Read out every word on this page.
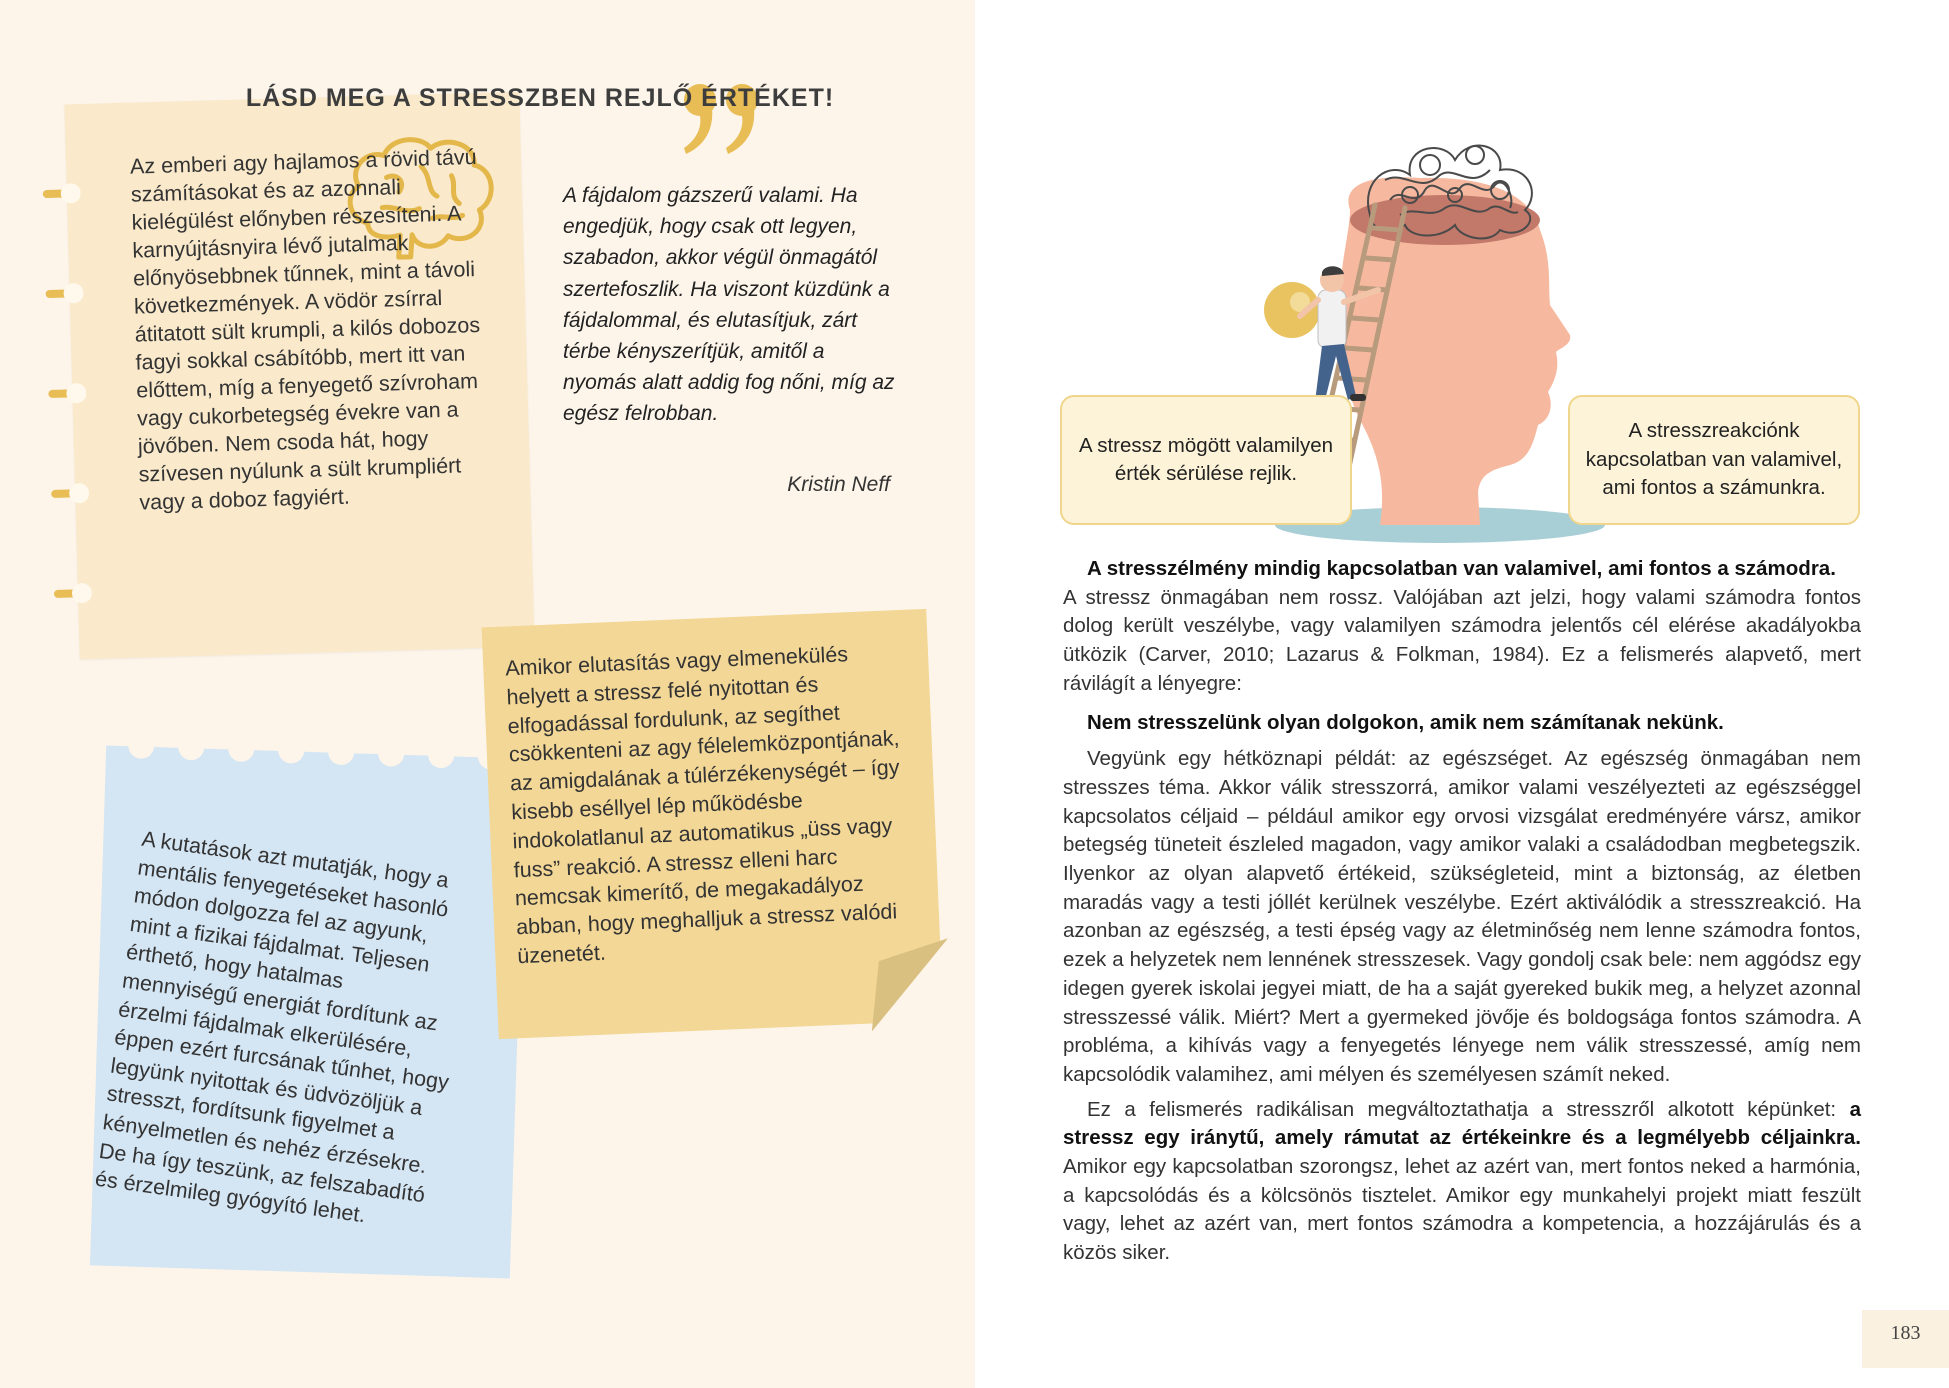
Az emberi agy hajlamos a rövid távú számításokat és az azonnali kielégülést előnyben részesíteni. A karnyújtásnyira lévő jutalmak előnyösebbnek tűnnek, mint a távoli következmények. A vödör zsírral átitatott sült krumpli, a kilós dobozos fagyi sokkal csábítóbb, mert itt van előttem, míg a fenyegető szívroham vagy cukorbetegség évekre van a jövőben. Nem csoda hát, hogy szívesen nyúlunk a sült krumpliért vagy a doboz fagyiért.

A fájdalom gázszerű valami. Ha engedjük, hogy csak ott legyen, szabadon, akkor végül önmagától szertefoszlik. Ha viszont küzdünk a fájdalommal, és elutasítjuk, zárt térbe kényszerítjük, amitől a nyomás alatt addig fog nőni, míg az egész felrobban.

Kristin Neff

A kutatások azt mutatják, hogy a mentális fenyegetéseket hasonló módon dolgozza fel az agyunk, mint a fizikai fájdalmat. Teljesen érthető, hogy hatalmas mennyiségű energiát fordítunk az érzelmi fájdalmak elkerülésére, éppen ezért furcsának tűnhet, hogy legyünk nyitottak és üdvözöljük a stresszt, fordítsunk figyelmet a kényelmetlen és nehéz érzésekre. De ha így teszünk, az felszabadító és érzelmileg gyógyító lehet.

Amikor elutasítás vagy elmenekülés helyett a stressz felé nyitottan és elfogadással fordulunk, az segíthet csökkenteni az agy félelemközpontjának, az amigdalának a túlérzékenységét – így kisebb eséllyel lép működésbe indokolatlanul az automatikus „üss vagy fuss” reakció. A stressz elleni harc nemcsak kimerítő, de megakadályoz abban, hogy meghalljuk a stressz valódi üzenetét.

LÁSD MEG A STRESSZBEN REJLŐ ÉRTÉKET!
A stressz mögött valamilyen érték sérülése rejlik.
A stresszreakciónk kapcsolatban van valamivel, ami fontos a számunkra.

A stresszélmény mindig kapcsolatban van valamivel, ami fontos a számodra.

A stressz önmagában nem rossz. Valójában azt jelzi, hogy valami számodra fontos dolog került veszélybe, vagy valamilyen számodra jelentős cél elérése akadályokba ütközik (Carver, 2010; Lazarus & Folkman, 1984). Ez a felismerés alapvető, mert rávilágít a lényegre:

Nem stresszelünk olyan dolgokon, amik nem számítanak nekünk.

Vegyünk egy hétköznapi példát: az egészséget. Az egészség önmagában nem stresszes téma. Akkor válik stresszorrá, amikor valami veszélyezteti az egészséggel kapcsolatos céljaid – például amikor egy orvosi vizsgálat eredményére vársz, amikor betegség tüneteit észleled magadon, vagy amikor valaki a családodban megbetegszik. Ilyenkor az olyan alapvető értékeid, szükségleteid, mint a biztonság, az életben maradás vagy a testi jóllét kerülnek veszélybe. Ezért aktiválódik a stresszreakció. Ha azonban az egészség, a testi épség vagy az életminőség nem lenne számodra fontos, ezek a helyzetek nem lennének stresszesek. Vagy gondolj csak bele: nem aggódsz egy idegen gyerek iskolai jegyei miatt, de ha a saját gyereked bukik meg, a helyzet azonnal stresszessé válik. Miért? Mert a gyermeked jövője és boldogsága fontos számodra. A probléma, a kihívás vagy a fenyegetés lényege nem válik stresszessé, amíg nem kapcsolódik valamihez, ami mélyen és személyesen számít neked.

Ez a felismerés radikálisan megváltoztathatja a stresszről alkotott képünket: a stressz egy iránytű, amely rámutat az értékeinkre és a legmélyebb céljainkra. Amikor egy kapcsolatban szorongsz, lehet az azért van, mert fontos neked a harmónia, a kapcsolódás és a kölcsönös tisztelet. Amikor egy munkahelyi projekt miatt feszült vagy, lehet az azért van, mert fontos számodra a kompetencia, a hozzájárulás és a közös siker.

183
